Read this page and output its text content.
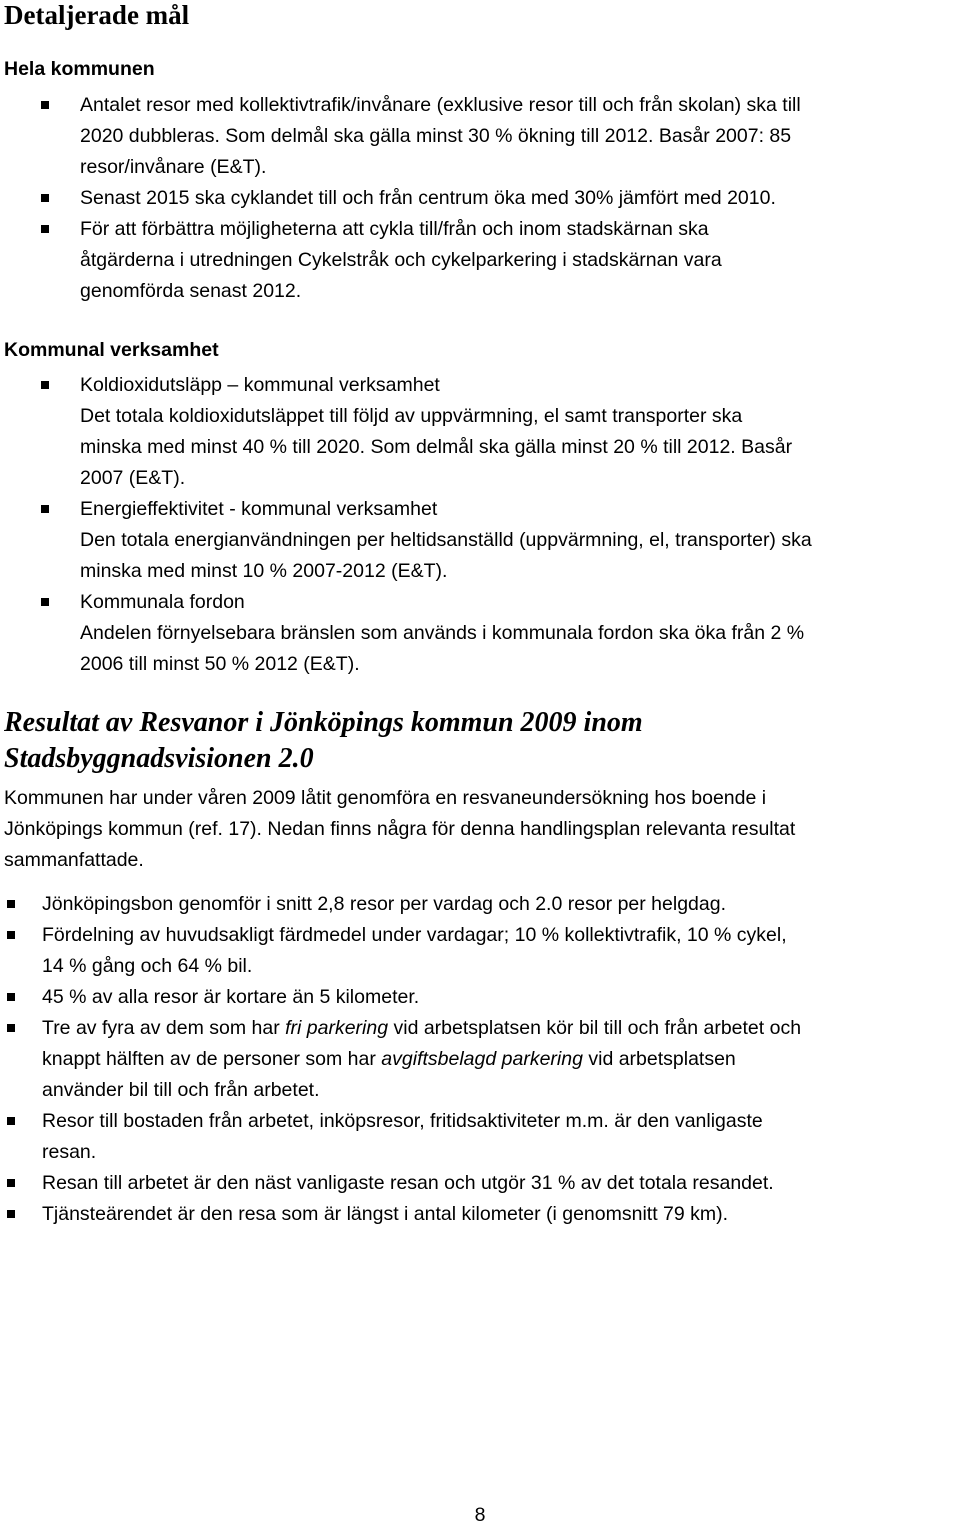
Detaljerade mål
Hela kommunen
Antalet resor med kollektivtrafik/invånare (exklusive resor till och från skolan) ska till
2020 dubbleras. Som delmål ska gälla minst 30 % ökning till 2012. Basår 2007: 85
resor/invånare (E&T).
Senast 2015 ska cyklandet till och från centrum öka med 30% jämfört med 2010.
För att förbättra möjligheterna att cykla till/från och inom stadskärnan ska
åtgärderna i utredningen Cykelstråk och cykelparkering i stadskärnan vara
genomförda senast 2012.
Kommunal verksamhet
Koldioxidutsläpp – kommunal verksamhet
Det totala koldioxidutsläppet till följd av uppvärmning, el samt transporter ska
minska med minst 40 % till 2020. Som delmål ska gälla minst 20 % till 2012. Basår
2007 (E&T).
Energieffektivitet - kommunal verksamhet
Den totala energianvändningen per heltidsanställd (uppvärmning, el, transporter) ska
minska med minst 10 % 2007-2012 (E&T).
Kommunala fordon
Andelen förnyelsebara bränslen som används i kommunala fordon ska öka från 2 %
2006 till minst 50 % 2012 (E&T).
Resultat av Resvanor i Jönköpings kommun 2009 inom
Stadsbyggnadsvisionen 2.0

Kommunen har under våren 2009 låtit genomföra en resvaneundersökning hos boende i
Jönköpings kommun (ref. 17). Nedan finns några för denna handlingsplan relevanta resultat
sammanfattade.

Jönköpingsbon genomför i snitt 2,8 resor per vardag och 2.0 resor per helgdag.
Fördelning av huvudsakligt färdmedel under vardagar; 10 % kollektivtrafik, 10 % cykel,
14 % gång och 64 % bil.
45 % av alla resor är kortare än 5 kilometer.
Tre av fyra av dem som har fri parkering vid arbetsplatsen kör bil till och från arbetet och
knappt hälften av de personer som har avgiftsbelagd parkering vid arbetsplatsen
använder bil till och från arbetet.
Resor till bostaden från arbetet, inköpsresor, fritidsaktiviteter m.m. är den vanligaste
resan.
Resan till arbetet är den näst vanligaste resan och utgör 31 % av det totala resandet.
Tjänsteärendet är den resa som är längst i antal kilometer (i genomsnitt 79 km).
8
